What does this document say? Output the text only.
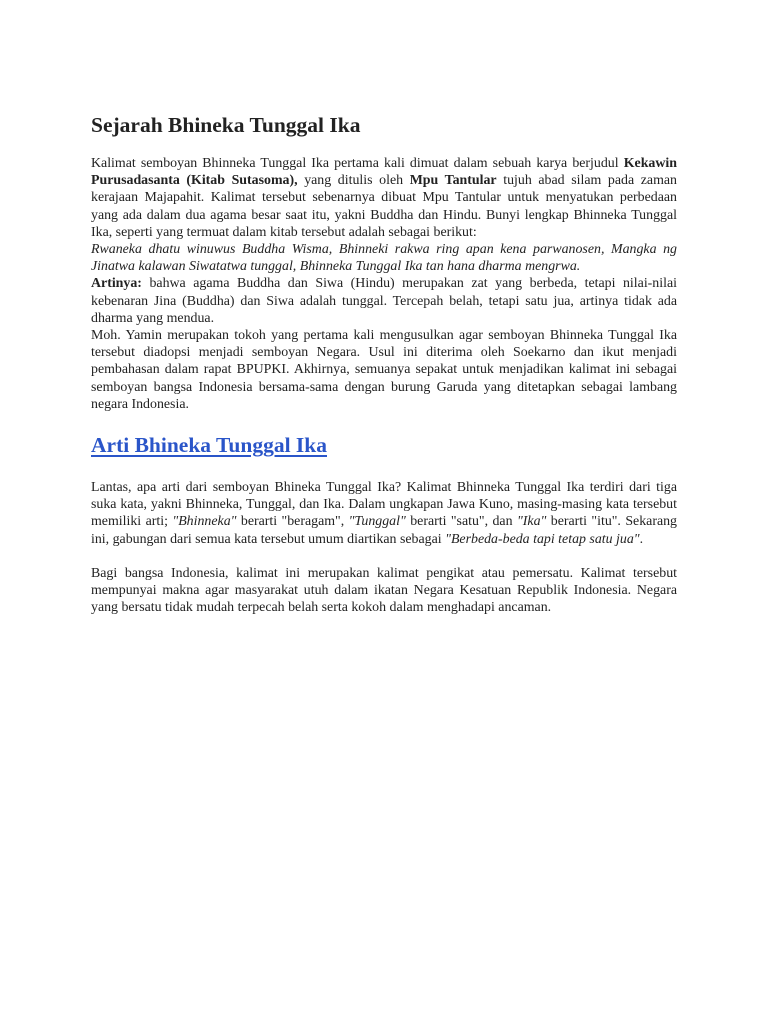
Sejarah Bhineka Tunggal Ika

Kalimat semboyan Bhinneka Tunggal Ika pertama kali dimuat dalam sebuah karya berjudul Kekawin Purusadasanta (Kitab Sutasoma), yang ditulis oleh Mpu Tantular tujuh abad silam pada zaman kerajaan Majapahit. Kalimat tersebut sebenarnya dibuat Mpu Tantular untuk menyatukan perbedaan yang ada dalam dua agama besar saat itu, yakni Buddha dan Hindu. Bunyi lengkap Bhinneka Tunggal Ika, seperti yang termuat dalam kitab tersebut adalah sebagai berikut:

Rwaneka dhatu winuwus Buddha Wisma, Bhinneki rakwa ring apan kena parwanosen, Mangka ng Jinatwa kalawan Siwatatwa tunggal, Bhinneka Tunggal Ika tan hana dharma mengrwa.

Artinya: bahwa agama Buddha dan Siwa (Hindu) merupakan zat yang berbeda, tetapi nilai-nilai kebenaran Jina (Buddha) dan Siwa adalah tunggal. Tercepah belah, tetapi satu jua, artinya tidak ada dharma yang mendua.

Moh. Yamin merupakan tokoh yang pertama kali mengusulkan agar semboyan Bhinneka Tunggal Ika tersebut diadopsi menjadi semboyan Negara. Usul ini diterima oleh Soekarno dan ikut menjadi pembahasan dalam rapat BPUPKI. Akhirnya, semuanya sepakat untuk menjadikan kalimat ini sebagai semboyan bangsa Indonesia bersama-sama dengan burung Garuda yang ditetapkan sebagai lambang negara Indonesia.

Arti Bhineka Tunggal Ika

Lantas, apa arti dari semboyan Bhineka Tunggal Ika? Kalimat Bhinneka Tunggal Ika terdiri dari tiga suka kata, yakni Bhinneka, Tunggal, dan Ika. Dalam ungkapan Jawa Kuno, masing-masing kata tersebut memiliki arti; "Bhinneka" berarti "beragam", "Tunggal" berarti "satu", dan "Ika" berarti "itu". Sekarang ini, gabungan dari semua kata tersebut umum diartikan sebagai "Berbeda-beda tapi tetap satu jua".

Bagi bangsa Indonesia, kalimat ini merupakan kalimat pengikat atau pemersatu. Kalimat tersebut mempunyai makna agar masyarakat utuh dalam ikatan Negara Kesatuan Republik Indonesia. Negara yang bersatu tidak mudah terpecah belah serta kokoh dalam menghadapi ancaman.
